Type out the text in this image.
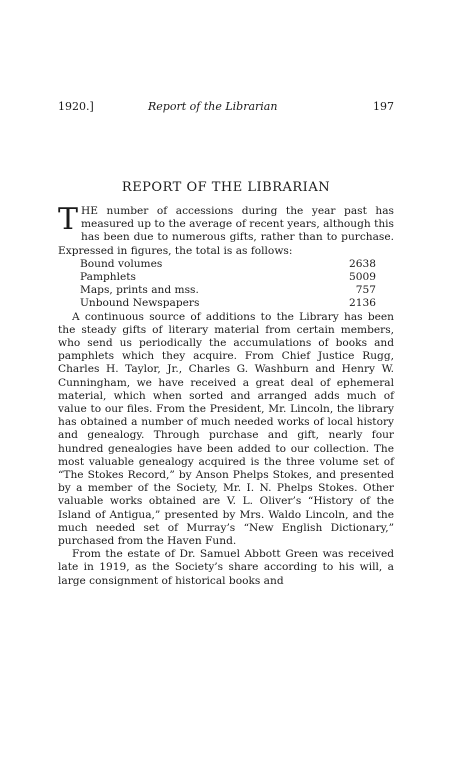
1920.]	Report of the Librarian	197
REPORT OF THE LIBRARIAN

THE number of accessions during the year past has measured up to the average of recent years, although this has been due to numerous gifts, rather than to purchase. Expressed in figures, the total is as follows:

Bound volumes	2638
Pamphlets	5009
Maps, prints and mss.	757
Unbound Newspapers	2136

A continuous source of additions to the Library has been the steady gifts of literary material from certain members, who send us periodically the accumulations of books and pamphlets which they acquire. From Chief Justice Rugg, Charles H. Taylor, Jr., Charles G. Washburn and Henry W. Cunningham, we have received a great deal of ephemeral material, which when sorted and arranged adds much of value to our files. From the President, Mr. Lincoln, the library has obtained a number of much needed works of local history and genealogy. Through purchase and gift, nearly four hundred genealogies have been added to our collection. The most valuable genealogy acquired is the three volume set of “The Stokes Record,” by Anson Phelps Stokes, and presented by a member of the Society, Mr. I. N. Phelps Stokes. Other valuable works obtained are V. L. Oliver’s “History of the Island of Antigua,” presented by Mrs. Waldo Lincoln, and the much needed set of Murray’s “New English Dictionary,” purchased from the Haven Fund.

From the estate of Dr. Samuel Abbott Green was received late in 1919, as the Society’s share according to his will, a large consignment of historical books and
